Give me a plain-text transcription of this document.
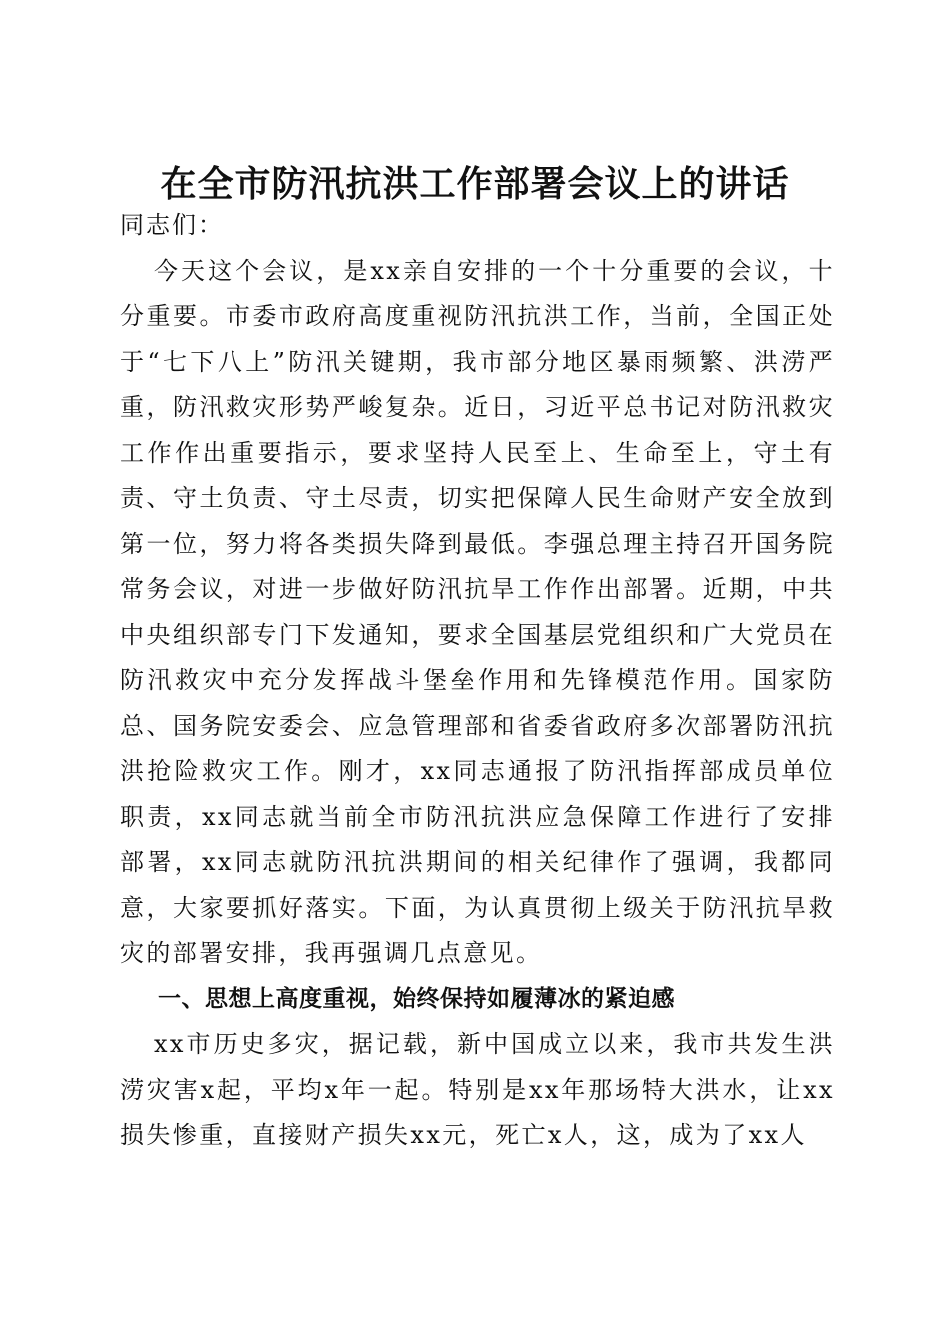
在全市防汛抗洪工作部署会议上的讲话

同志们：

今天这个会议，是xx亲自安排的一个十分重要的会议，十分重要。市委市政府高度重视防汛抗洪工作，当前，全国正处于“七下八上”防汛关键期，我市部分地区暴雨频繁、洪涝严重，防汛救灾形势严峻复杂。近日，习近平总书记对防汛救灾工作作出重要指示，要求坚持人民至上、生命至上，守土有责、守土负责、守土尽责，切实把保障人民生命财产安全放到第一位，努力将各类损失降到最低。李强总理主持召开国务院常务会议，对进一步做好防汛抗旱工作作出部署。近期，中共中央组织部专门下发通知，要求全国基层党组织和广大党员在防汛救灾中充分发挥战斗堡垒作用和先锋模范作用。国家防总、国务院安委会、应急管理部和省委省政府多次部署防汛抗洪抢险救灾工作。刚才，xx同志通报了防汛指挥部成员单位职责，xx同志就当前全市防汛抗洪应急保障工作进行了安排部署，xx同志就防汛抗洪期间的相关纪律作了强调，我都同意，大家要抓好落实。下面，为认真贯彻上级关于防汛抗旱救灾的部署安排，我再强调几点意见。

一、思想上高度重视，始终保持如履薄冰的紧迫感

xx市历史多灾，据记载，新中国成立以来，我市共发生洪涝灾害x起，平均x年一起。特别是xx年那场特大洪水，让xx损失惨重，直接财产损失xx元，死亡x人，这，成为了xx人
